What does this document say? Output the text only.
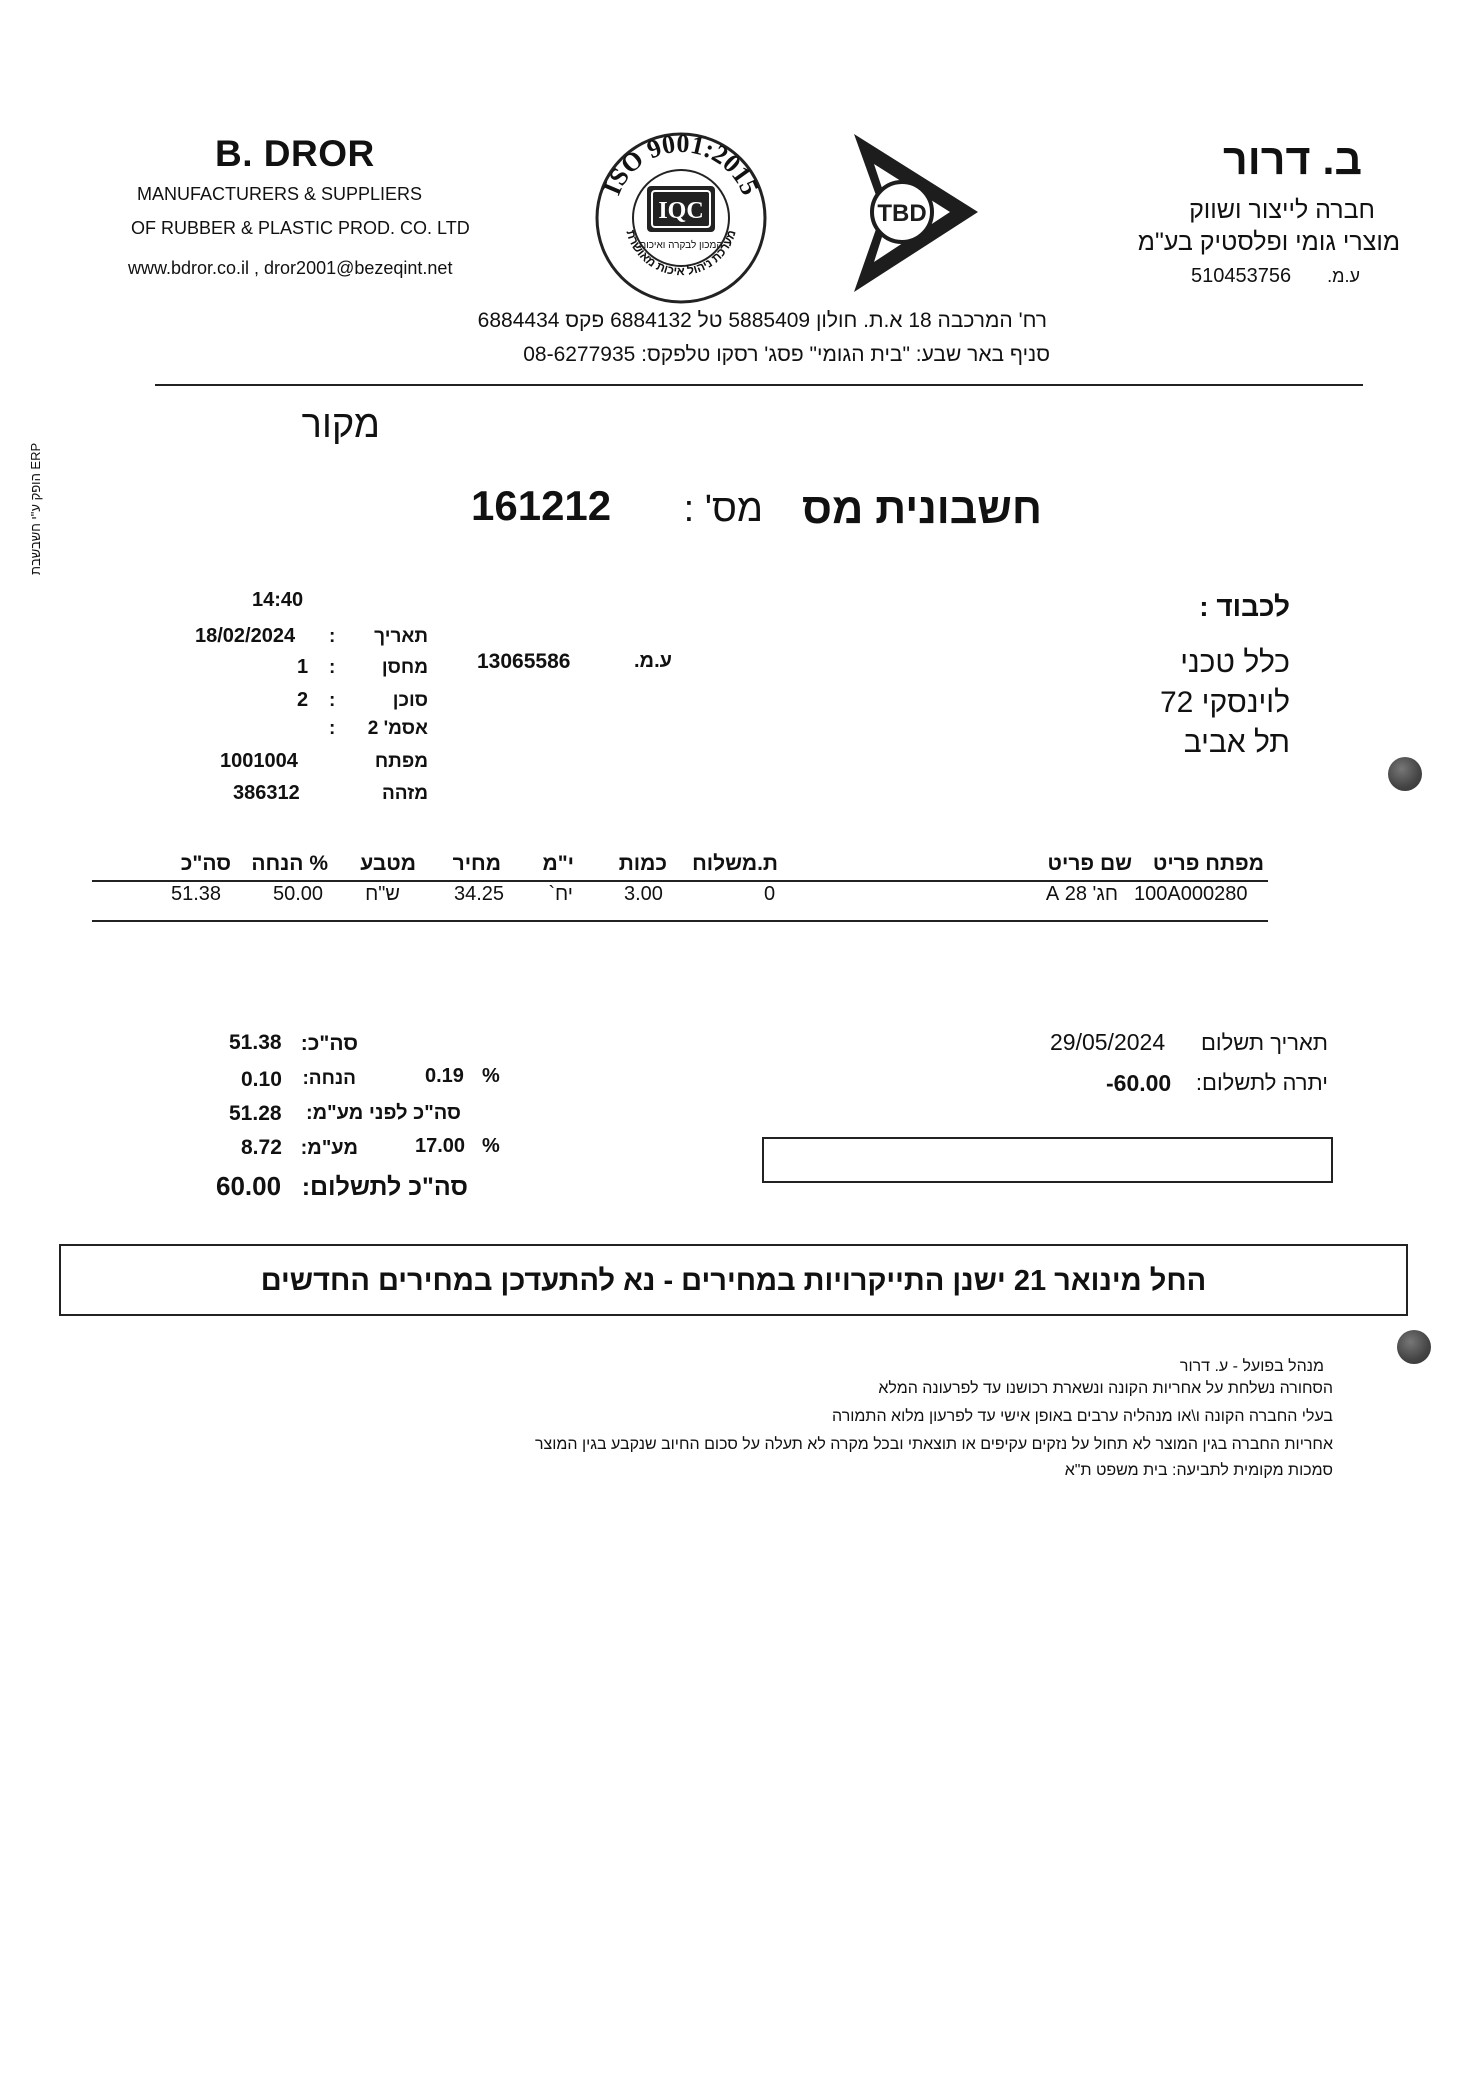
B. DROR
MANUFACTURERS & SUPPLIERS
OF RUBBER & PLASTIC PROD. CO. LTD
www.bdror.co.il , dror2001@bezeqint.net
ISO 9001:2015
מערכת ניהול איכות מאושרת
IQC
המכון לבקרה ואיכות
TBD
ב. דרור
חברה לייצור ושווק
מוצרי גומי ופלסטיק בע"מ
510453756 ע.מ.
רח' המרכבה 18 א.ת. חולון 5885409 טל 6884132 פקס 6884434
סניף באר שבע: "בית הגומי" פסג' רסקו טלפקס: 08-6277935
ERP הופק ע"י חשבשבת
מקור
חשבונית מס
מס' :
161212
לכבוד :
כלל טכני
לוינסקי 72
תל אביב
ע.מ.
13065586
14:40
תאריך
:
18/02/2024
מחסן
:
1
סוכן
:
2
אסמ' 2
:
מפתח
1001004
מזהה
386312
מפתח פריט
שם פריט
ת.משלוח
כמות
י"מ
מחיר
מטבע
% הנחה
סה"כ
100A000280
חג' 28 A
0
3.00
יח`
34.25
ש"ח
50.00
51.38
תאריך תשלום
29/05/2024
יתרה לתשלום:
-60.00
סה"כ:
51.38
הנחה:	0.19 %
0.10
סה"כ לפני מע"מ:
51.28
מע"מ:	17.00 %
8.72
סה"כ לתשלום:
60.00
החל מינואר 21 ישנן התייקרויות במחירים - נא להתעדכן במחירים החדשים
מנהל בפועל - ע. דרור
הסחורה נשלחת על אחריות הקונה ונשארת רכושנו עד לפרעונה המלא
בעלי החברה הקונה ו\או מנהליה ערבים באופן אישי עד לפרעון מלוא התמורה
אחריות החברה בגין המוצר לא תחול על נזקים עקיפים או תוצאתי ובכל מקרה לא תעלה על סכום החיוב שנקבע בגין המוצר
סמכות מקומית לתביעה: בית משפט ת"א
